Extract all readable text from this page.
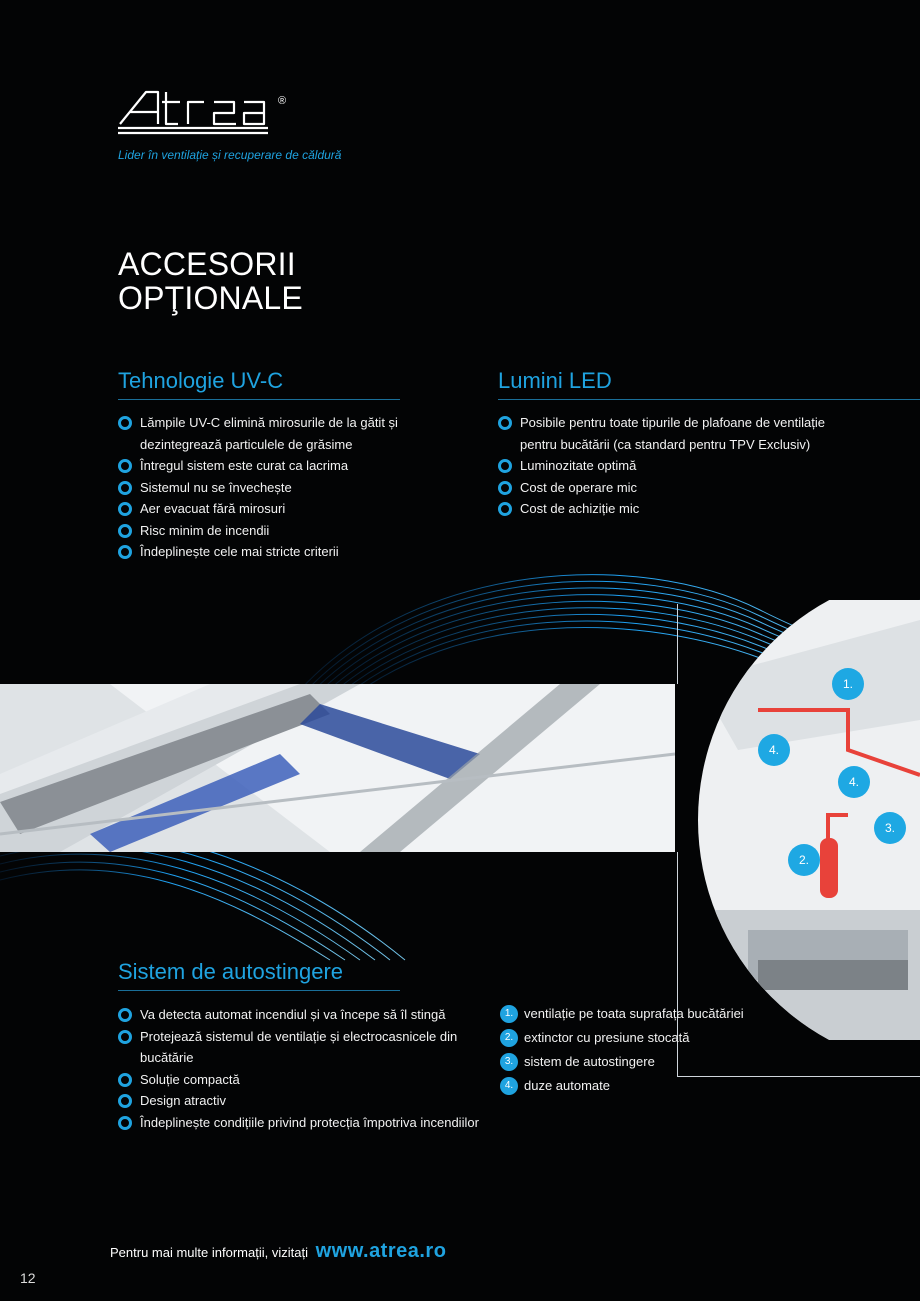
®
Lider în ventilație și recuperare de căldură
ACCESORII
OPŢIONALE
Tehnologie UV-C
Lămpile UV-C elimină mirosurile de la gătit și dezintegrează particulele de grăsime
Întregul sistem este curat ca lacrima
Sistemul nu se învechește
Aer evacuat fără mirosuri
Risc minim de incendii
Îndeplinește cele mai stricte criterii
Lumini LED
Posibile pentru toate tipurile de plafoane de ventilație pentru bucătării (ca standard pentru TPV Exclusiv)
Luminozitate optimă
Cost de operare mic
Cost de achiziție mic
1.
4.
4.
3.
2.
Sistem de autostingere
Va detecta automat incendiul și va începe să îl stingă
Protejează sistemul de ventilație și electrocasnicele din bucătărie
Soluție compactă
Design atractiv
Îndeplinește condițiile privind protecția împotriva incendiilor
1. ventilație pe toata suprafața bucătăriei
2. extinctor cu presiune stocată
3. sistem de autostingere
4. duze automate
Pentru mai multe informații, vizitați www.atrea.ro
12
